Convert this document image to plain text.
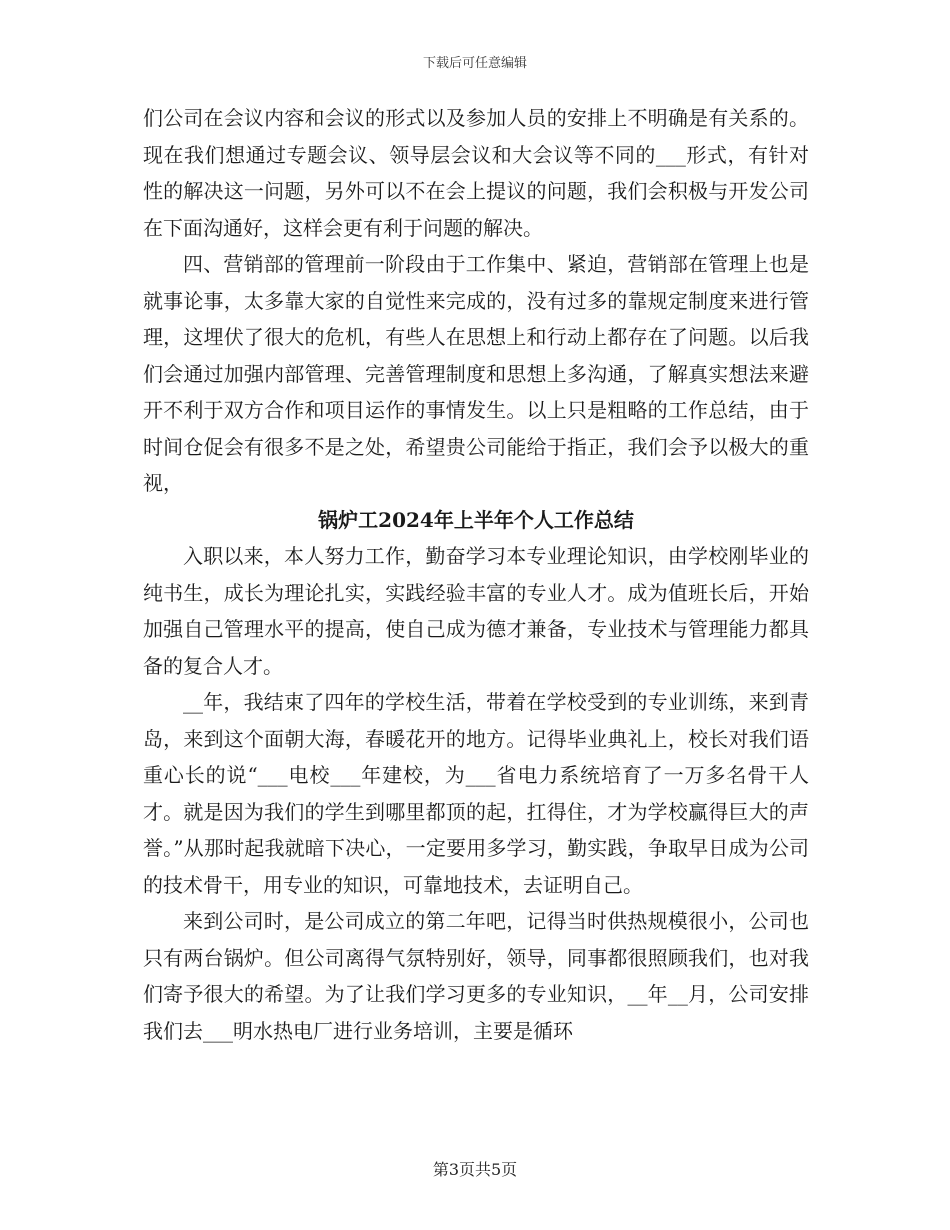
下载后可任意编辑

们公司在会议内容和会议的形式以及参加人员的安排上不明确是有关系的。现在我们想通过专题会议、领导层会议和大会议等不同的___形式，有针对性的解决这一问题，另外可以不在会上提议的问题，我们会积极与开发公司在下面沟通好，这样会更有利于问题的解决。

四、营销部的管理前一阶段由于工作集中、紧迫，营销部在管理上也是就事论事，太多靠大家的自觉性来完成的，没有过多的靠规定制度来进行管理，这埋伏了很大的危机，有些人在思想上和行动上都存在了问题。以后我们会通过加强内部管理、完善管理制度和思想上多沟通，了解真实想法来避开不利于双方合作和项目运作的事情发生。以上只是粗略的工作总结，由于时间仓促会有很多不是之处，希望贵公司能给于指正，我们会予以极大的重视，

锅炉工2024年上半年个人工作总结

入职以来，本人努力工作，勤奋学习本专业理论知识，由学校刚毕业的纯书生，成长为理论扎实，实践经验丰富的专业人才。成为值班长后，开始加强自己管理水平的提高，使自己成为德才兼备，专业技术与管理能力都具备的复合人才。

__年，我结束了四年的学校生活，带着在学校受到的专业训练，来到青岛，来到这个面朝大海，春暖花开的地方。记得毕业典礼上，校长对我们语重心长的说“___电校___年建校，为___省电力系统培育了一万多名骨干人才。就是因为我们的学生到哪里都顶的起，扛得住，才为学校赢得巨大的声誉。”从那时起我就暗下决心，一定要用多学习，勤实践，争取早日成为公司的技术骨干，用专业的知识，可靠地技术，去证明自己。

来到公司时，是公司成立的第二年吧，记得当时供热规模很小，公司也只有两台锅炉。但公司离得气氛特别好，领导，同事都很照顾我们，也对我们寄予很大的希望。为了让我们学习更多的专业知识，__年__月，公司安排我们去___明水热电厂进行业务培训，主要是循环

第3页共5页
